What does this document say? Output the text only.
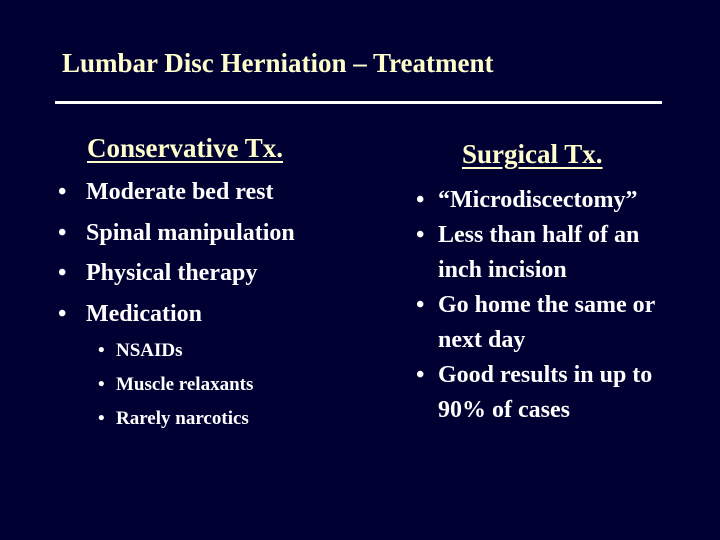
Lumbar Disc Herniation – Treatment
Conservative Tx.
• Moderate bed rest
• Spinal manipulation
• Physical therapy
• Medication
• NSAIDs
• Muscle relaxants
• Rarely narcotics
Surgical Tx.
• “Microdiscectomy”
• Less than half of an
inch incision
• Go home the same or
next day
• Good results in up to
90% of cases
